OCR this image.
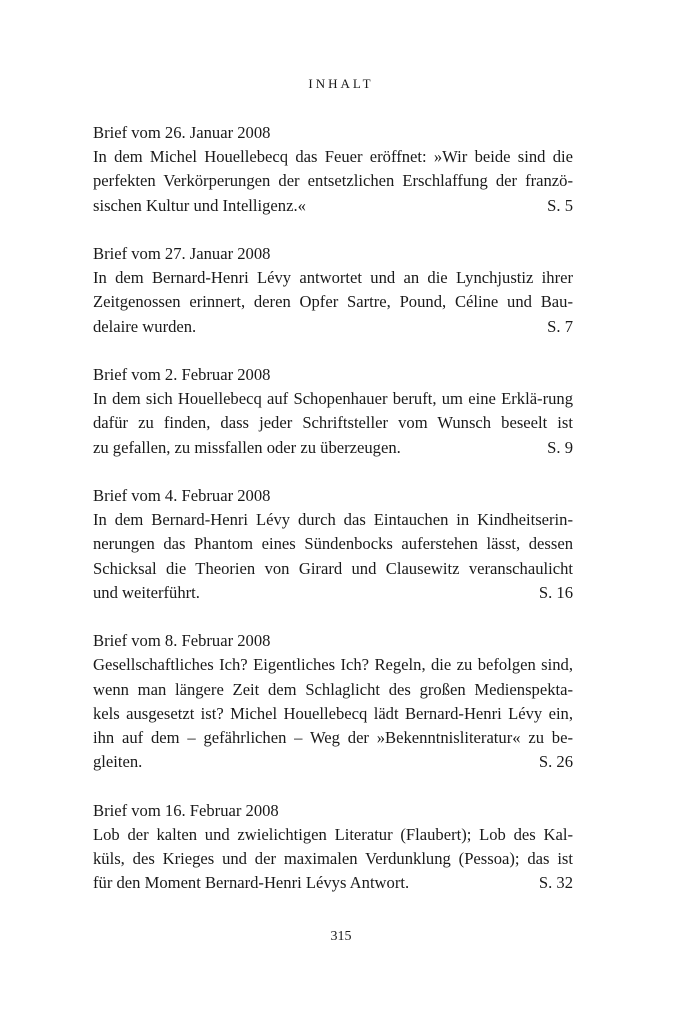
INHALT
Brief vom 26. Januar 2008
In dem Michel Houellebecq das Feuer eröffnet: »Wir beide sind die
perfekten Verkörperungen der entsetzlichen Erschlaffung der franzö-
sischen Kultur und Intelligenz.«	S. 5
Brief vom 27. Januar 2008
In dem Bernard-Henri Lévy antwortet und an die Lynchjustiz ihrer
Zeitgenossen erinnert, deren Opfer Sartre, Pound, Céline und Bau-
delaire wurden.	S. 7
Brief vom 2. Februar 2008
In dem sich Houellebecq auf Schopenhauer beruft, um eine Erklä-rung
dafür zu finden, dass jeder Schriftsteller vom Wunsch beseelt ist
zu gefallen, zu missfallen oder zu überzeugen.	S. 9
Brief vom 4. Februar 2008
In dem Bernard-Henri Lévy durch das Eintauchen in Kindheitserin-
nerungen das Phantom eines Sündenbocks auferstehen lässt, dessen
Schicksal die Theorien von Girard und Clausewitz veranschaulicht
und weiterführt.	S. 16
Brief vom 8. Februar 2008
Gesellschaftliches Ich? Eigentliches Ich? Regeln, die zu befolgen sind,
wenn man längere Zeit dem Schlaglicht des großen Medienspekta-
kels ausgesetzt ist? Michel Houellebecq lädt Bernard-Henri Lévy ein,
ihn auf dem – gefährlichen – Weg der »Bekenntnisliteratur« zu be-
gleiten.	S. 26
Brief vom 16. Februar 2008
Lob der kalten und zwielichtigen Literatur (Flaubert); Lob des Kal-
küls, des Krieges und der maximalen Verdunklung (Pessoa); das ist
für den Moment Bernard-Henri Lévys Antwort.	S. 32
315
